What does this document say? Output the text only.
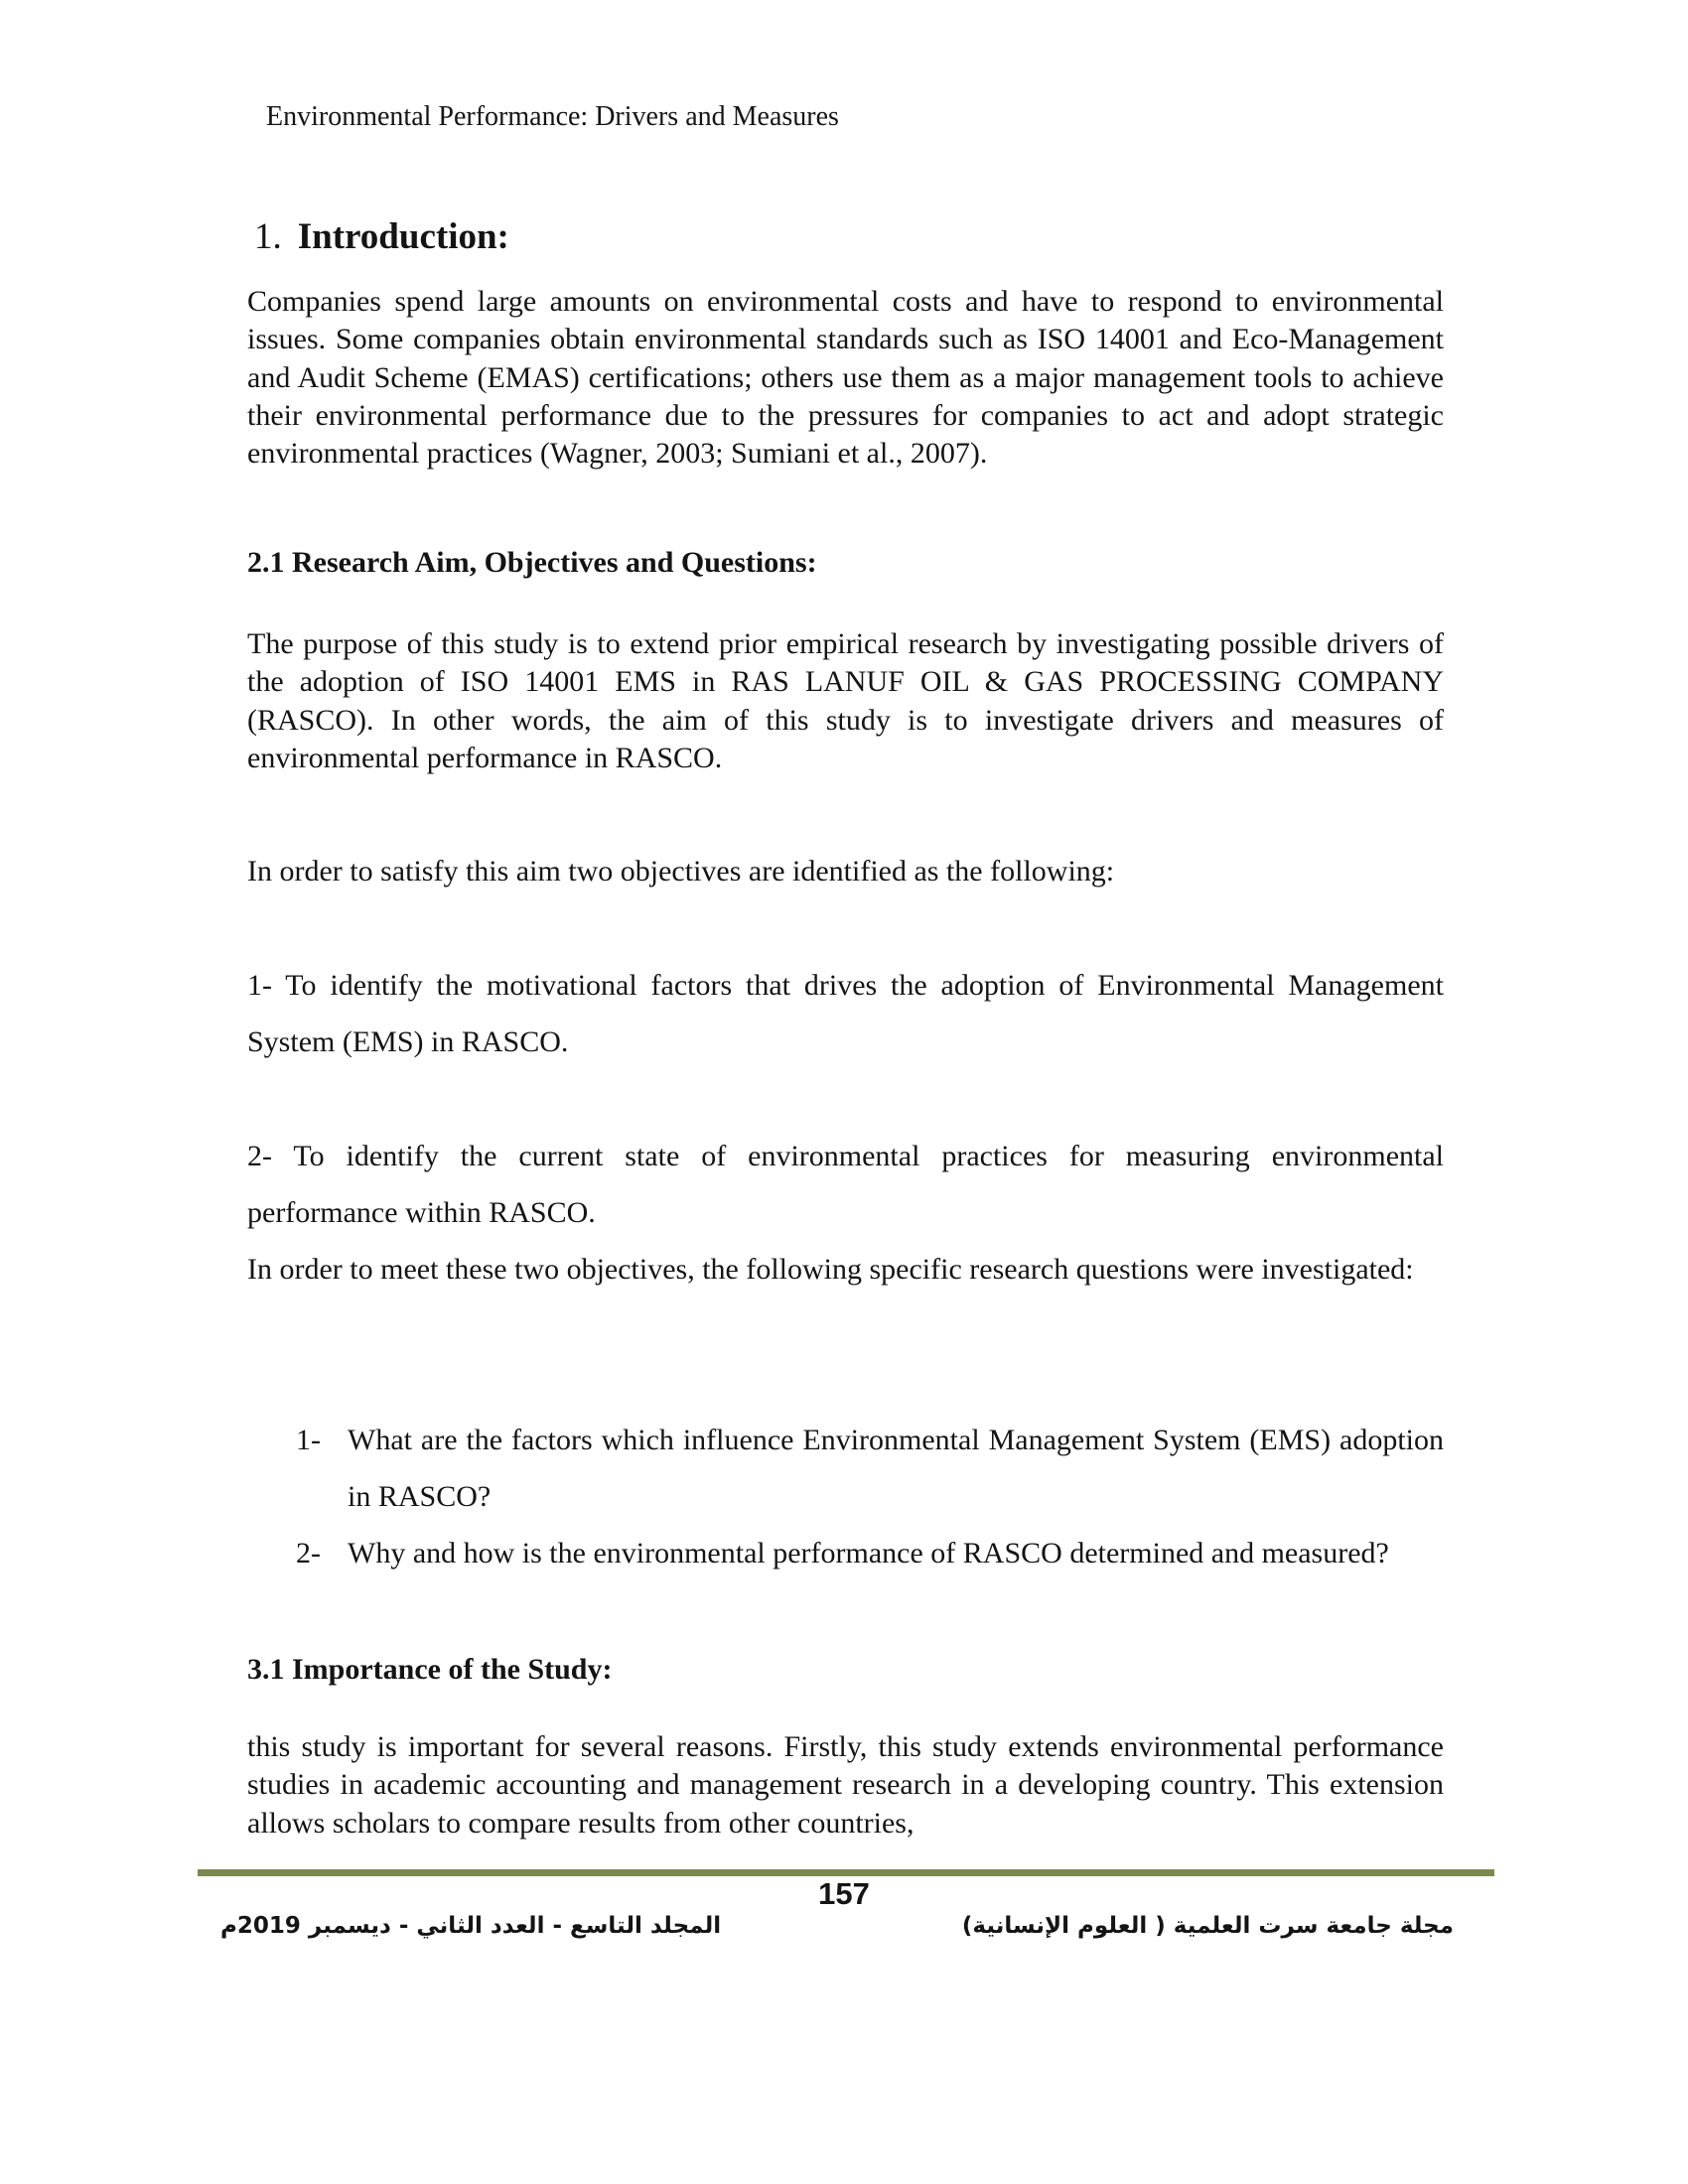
Environmental Performance: Drivers and Measures
1. Introduction:
Companies spend large amounts on environmental costs and have to respond to environmental issues. Some companies obtain environmental standards such as ISO 14001 and Eco-Management and Audit Scheme (EMAS) certifications; others use them as a major management tools to achieve their environmental performance due to the pressures for companies to act and adopt strategic environmental practices (Wagner, 2003; Sumiani et al., 2007).
2.1 Research Aim, Objectives and Questions:
The purpose of this study is to extend prior empirical research by investigating possible drivers of the adoption of ISO 14001 EMS in RAS LANUF OIL & GAS PROCESSING COMPANY (RASCO). In other words, the aim of this study is to investigate drivers and measures of environmental performance in RASCO.
In order to satisfy this aim two objectives are identified as the following:
1- To identify the motivational factors that drives the adoption of Environmental Management System (EMS) in RASCO.
2- To identify the current state of environmental practices for measuring environmental performance within RASCO.
In order to meet these two objectives, the following specific research questions were investigated:
1- What are the factors which influence Environmental Management System (EMS) adoption in RASCO?
2- Why and how is the environmental performance of RASCO determined and measured?
3.1 Importance of the Study:
this study is important for several reasons. Firstly, this study extends environmental performance studies in academic accounting and management research in a developing country. This extension allows scholars to compare results from other countries,
157
المجلد التاسع - العدد الثاني - ديسمبر 2019م	مجلة جامعة سرت العلمية ( العلوم الإنسانية)
